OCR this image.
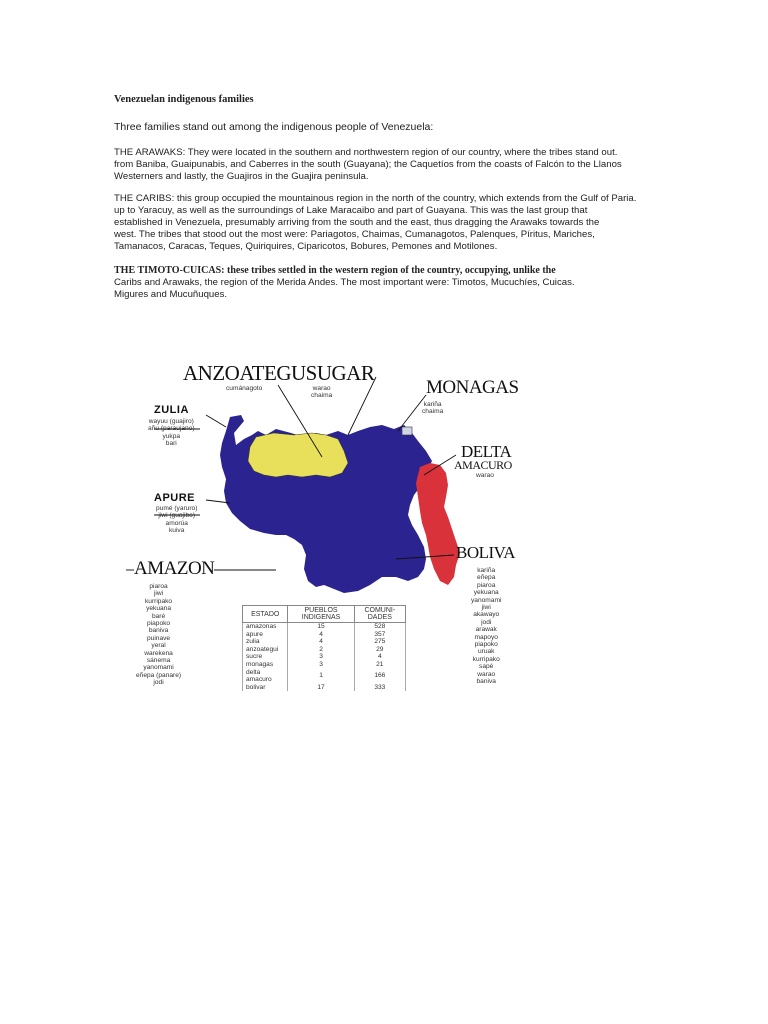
Venezuelan indigenous families
Three families stand out among the indigenous people of Venezuela:
THE ARAWAKS: They were located in the southern and northwestern region of our country, where the tribes stand out.
from Baniba, Guaipunabis, and Caberres in the south (Guayana); the Caquetíos from the coasts of Falcón to the Llanos
Westerners and lastly, the Guajiros in the Guajira peninsula.
THE CARIBS: this group occupied the mountainous region in the north of the country, which extends from the Gulf of Paria.
up to Yaracuy, as well as the surroundings of Lake Maracaibo and part of Guayana. This was the last group that
established in Venezuela, presumably arriving from the south and the east, thus dragging the Arawaks towards the
west. The tribes that stood out the most were: Pariagotos, Chaimas, Cumanagotos, Palenques, Píritus, Mariches,
Tamanacos, Caracas, Teques, Quiriquires, Ciparicotos, Bobures, Pemones and Motilones.
THE TIMOTO-CUICAS: these tribes settled in the western region of the country, occupying, unlike the
Caribs and Arawaks, the region of the Merida Andes. The most important were: Timotos, Mucuchíes, Cuicas.
Migures and Mucuñuques.
ANZOATEGUSUGAR
MONAGAS
DELTA
AMACURO
BOLIVA
AMAZON
ZULIA
APURE
cumánagoto	warao
chaima
kariña
chaima
warao
wayuu (guajiro)
añu (paraujano)
yukpa
bari
pumé (yaruro)
jiwi (guajibo)
amorúa
kuiva
piaroa
jiwi
kurripako
yekuana
baré
piapoko
baniva
puinave
yeral
warekena
sánema
yanomami
eñepa (panare)
jodi
kariña
eñepa
piaroa
yekuana
yanomami
jiwi
akawayo
jodi
arawak
mapoyo
piapoko
uruak
kurripako
sapé
warao
baniva
ESTADO	PUEBLOS INDIGENAS	COMUNI-DADES
amazonas	15	528
apure	4	357
zulia	4	275
anzoategui	2	29
sucre	3	4
monagas	3	21
delta amacuro	1	166
bolivar	17	333
